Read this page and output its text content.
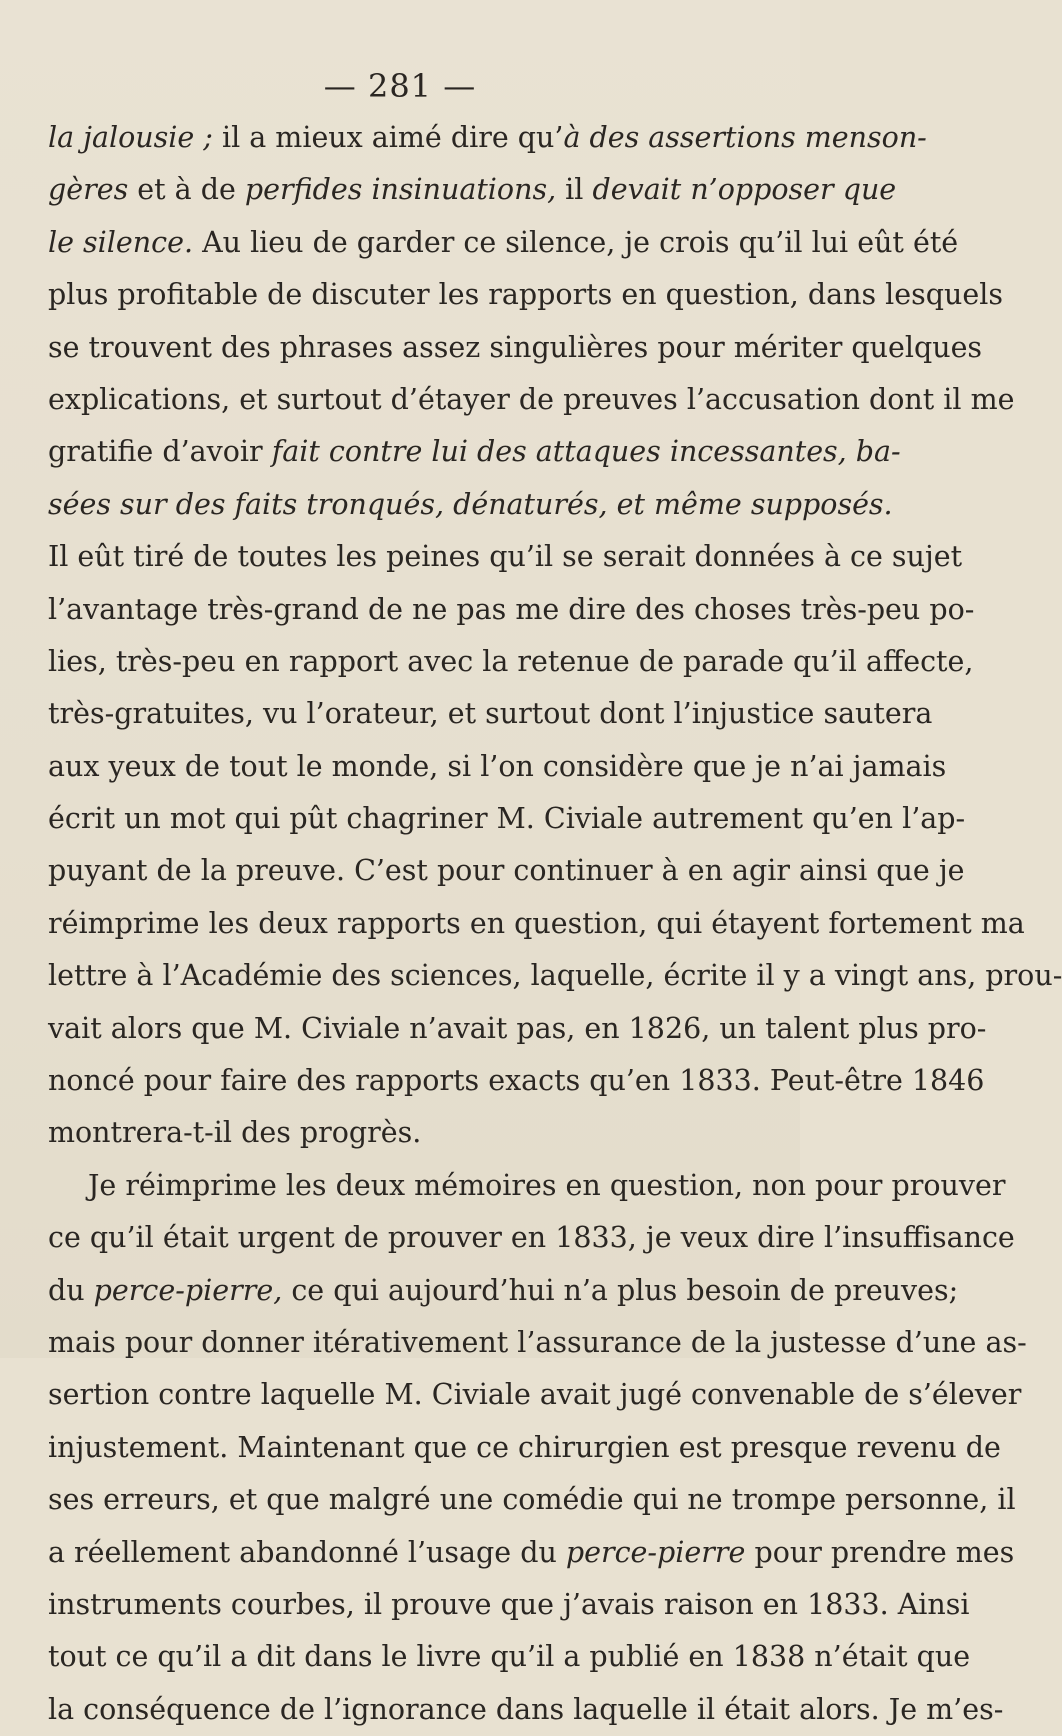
— 281 —
la jalousie ; il a mieux aimé dire qu’à des assertions menson-
gères et à de perfides insinuations, il devait n’opposer que
le silence. Au lieu de garder ce silence, je crois qu’il lui eût été
plus profitable de discuter les rapports en question, dans lesquels
se trouvent des phrases assez singulières pour mériter quelques
explications, et surtout d’étayer de preuves l’accusation dont il me
gratifie d’avoir fait contre lui des attaques incessantes, ba-
sées sur des faits tronqués, dénaturés, et même supposés.
Il eût tiré de toutes les peines qu’il se serait données à ce sujet
l’avantage très-grand de ne pas me dire des choses très-peu po-
lies, très-peu en rapport avec la retenue de parade qu’il affecte,
très-gratuites, vu l’orateur, et surtout dont l’injustice sautera
aux yeux de tout le monde, si l’on considère que je n’ai jamais
écrit un mot qui pût chagriner M. Civiale autrement qu’en l’ap-
puyant de la preuve. C’est pour continuer à en agir ainsi que je
réimprime les deux rapports en question, qui étayent fortement ma
lettre à l’Académie des sciences, laquelle, écrite il y a vingt ans, prou-
vait alors que M. Civiale n’avait pas, en 1826, un talent plus pro-
noncé pour faire des rapports exacts qu’en 1833. Peut-être 1846
montrera-t-il des progrès.
Je réimprime les deux mémoires en question, non pour prouver
ce qu’il était urgent de prouver en 1833, je veux dire l’insuffisance
du perce-pierre, ce qui aujourd’hui n’a plus besoin de preuves;
mais pour donner itérativement l’assurance de la justesse d’une as-
sertion contre laquelle M. Civiale avait jugé convenable de s’élever
injustement. Maintenant que ce chirurgien est presque revenu de
ses erreurs, et que malgré une comédie qui ne trompe personne, il
a réellement abandonné l’usage du perce-pierre pour prendre mes
instruments courbes, il prouve que j’avais raison en 1833. Ainsi
tout ce qu’il a dit dans le livre qu’il a publié en 1838 n’était que
la conséquence de l’ignorance dans laquelle il était alors. Je m’es-
